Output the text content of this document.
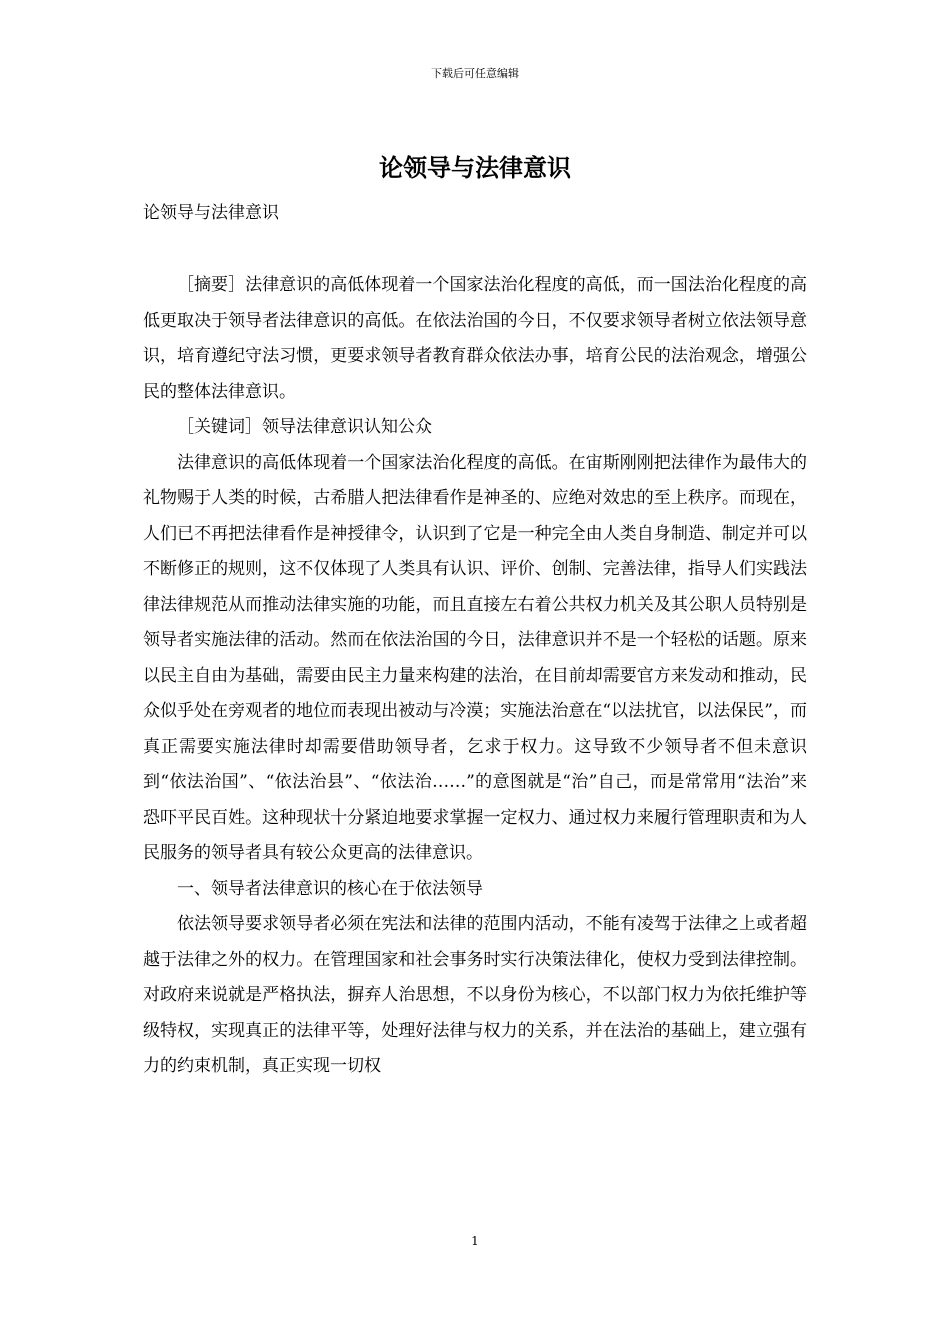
下载后可任意编辑
论领导与法律意识

论领导与法律意识

［摘要］法律意识的高低体现着一个国家法治化程度的高低，而一国法治化程度的高低更取决于领导者法律意识的高低。在依法治国的今日，不仅要求领导者树立依法领导意识，培育遵纪守法习惯，更要求领导者教育群众依法办事，培育公民的法治观念，增强公民的整体法律意识。

［关键词］领导法律意识认知公众

法律意识的高低体现着一个国家法治化程度的高低。在宙斯刚刚把法律作为最伟大的礼物赐于人类的时候，古希腊人把法律看作是神圣的、应绝对效忠的至上秩序。而现在，人们已不再把法律看作是神授律令，认识到了它是一种完全由人类自身制造、制定并可以不断修正的规则，这不仅体现了人类具有认识、评价、创制、完善法律，指导人们实践法律法律规范从而推动法律实施的功能，而且直接左右着公共权力机关及其公职人员特别是领导者实施法律的活动。然而在依法治国的今日，法律意识并不是一个轻松的话题。原来以民主自由为基础，需要由民主力量来构建的法治，在目前却需要官方来发动和推动，民众似乎处在旁观者的地位而表现出被动与冷漠；实施法治意在“以法扰官，以法保民”，而真正需要实施法律时却需要借助领导者，乞求于权力。这导致不少领导者不但未意识到“依法治国”、“依法治县”、“依法治……”的意图就是“治”自己，而是常常用“法治”来恐吓平民百姓。这种现状十分紧迫地要求掌握一定权力、通过权力来履行管理职责和为人民服务的领导者具有较公众更高的法律意识。

一、领导者法律意识的核心在于依法领导

依法领导要求领导者必须在宪法和法律的范围内活动，不能有凌驾于法律之上或者超越于法律之外的权力。在管理国家和社会事务时实行决策法律化，使权力受到法律控制。对政府来说就是严格执法，摒弃人治思想，不以身份为核心，不以部门权力为依托维护等级特权，实现真正的法律平等，处理好法律与权力的关系，并在法治的基础上，建立强有力的约束机制，真正实现一切权

1
